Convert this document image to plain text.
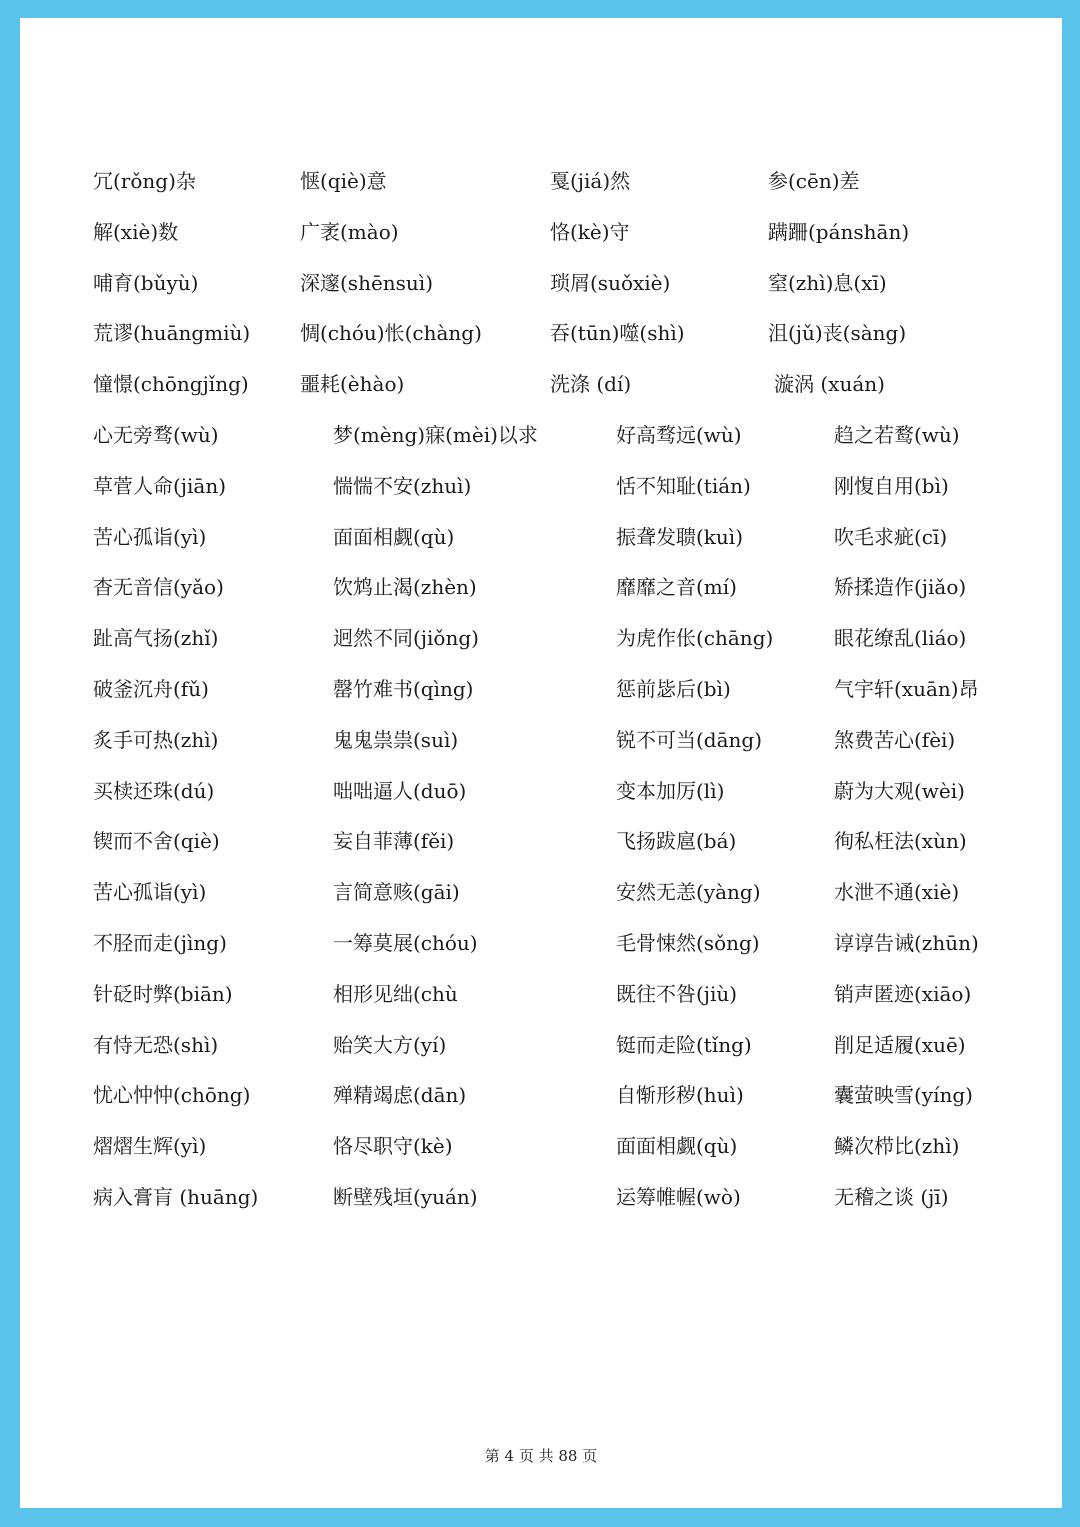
冗(rǒng)杂	惬(qiè)意	戛(jiá)然	参(cēn)差
解(xiè)数	广袤(mào)	恪(kè)守	蹒跚(pánshān)
哺育(bǔyù)	深邃(shēnsuì)	琐屑(suǒxiè)	窒(zhì)息(xī)
荒谬(huāngmiù) 惆(chóu)怅(chàng)	吞(tūn)噬(shì)	沮(jǔ)丧(sàng)
憧憬(chōngjǐng)	噩耗(èhào)	洗涤 (dí)	漩涡 (xuán)
心无旁骛(wù)	梦(mèng)寐(mèi)以求	好高骛远(wù)	趋之若鹜(wù)
草菅人命(jiān)	惴惴不安(zhuì)	恬不知耻(tián)	刚愎自用(bì)
苦心孤诣(yì)	面面相觑(qù)	振聋发聩(kuì)	吹毛求疵(cī)
杳无音信(yǎo)	饮鸩止渴(zhèn)	靡靡之音(mí)	矫揉造作(jiǎo)
趾高气扬(zhǐ)	迥然不同(jiǒng)	为虎作伥(chāng)	眼花缭乱(liáo)
破釜沉舟(fǔ)	罄竹难书(qìng)	惩前毖后(bì)	气宇轩(xuān)昂
炙手可热(zhì)	鬼鬼祟祟(suì)	锐不可当(dāng)	煞费苦心(fèi)
买椟还珠(dú)	咄咄逼人(duō)	变本加厉(lì)	蔚为大观(wèi)
锲而不舍(qiè)	妄自菲薄(fěi)	飞扬跋扈(bá)	徇私枉法(xùn)
苦心孤诣(yì)	言简意赅(gāi)	安然无恙(yàng)	水泄不通(xiè)
不胫而走(jìng)	一筹莫展(chóu)	毛骨悚然(sǒng)	谆谆告诫(zhūn)
针砭时弊(biān)	相形见绌(chù	既往不咎(jiù)	销声匿迹(xiāo)
有恃无恐(shì)	贻笑大方(yí)	铤而走险(tǐng)	削足适履(xuē)
忧心忡忡(chōng)	殚精竭虑(dān)	自惭形秽(huì)	囊萤映雪(yíng)
熠熠生辉(yì)	恪尽职守(kè)	面面相觑(qù)	鳞次栉比(zhì)
病入膏肓 (huāng)	断壁残垣(yuán)	运筹帷幄(wò)	无稽之谈 (jī)
第 4 页 共 88 页
